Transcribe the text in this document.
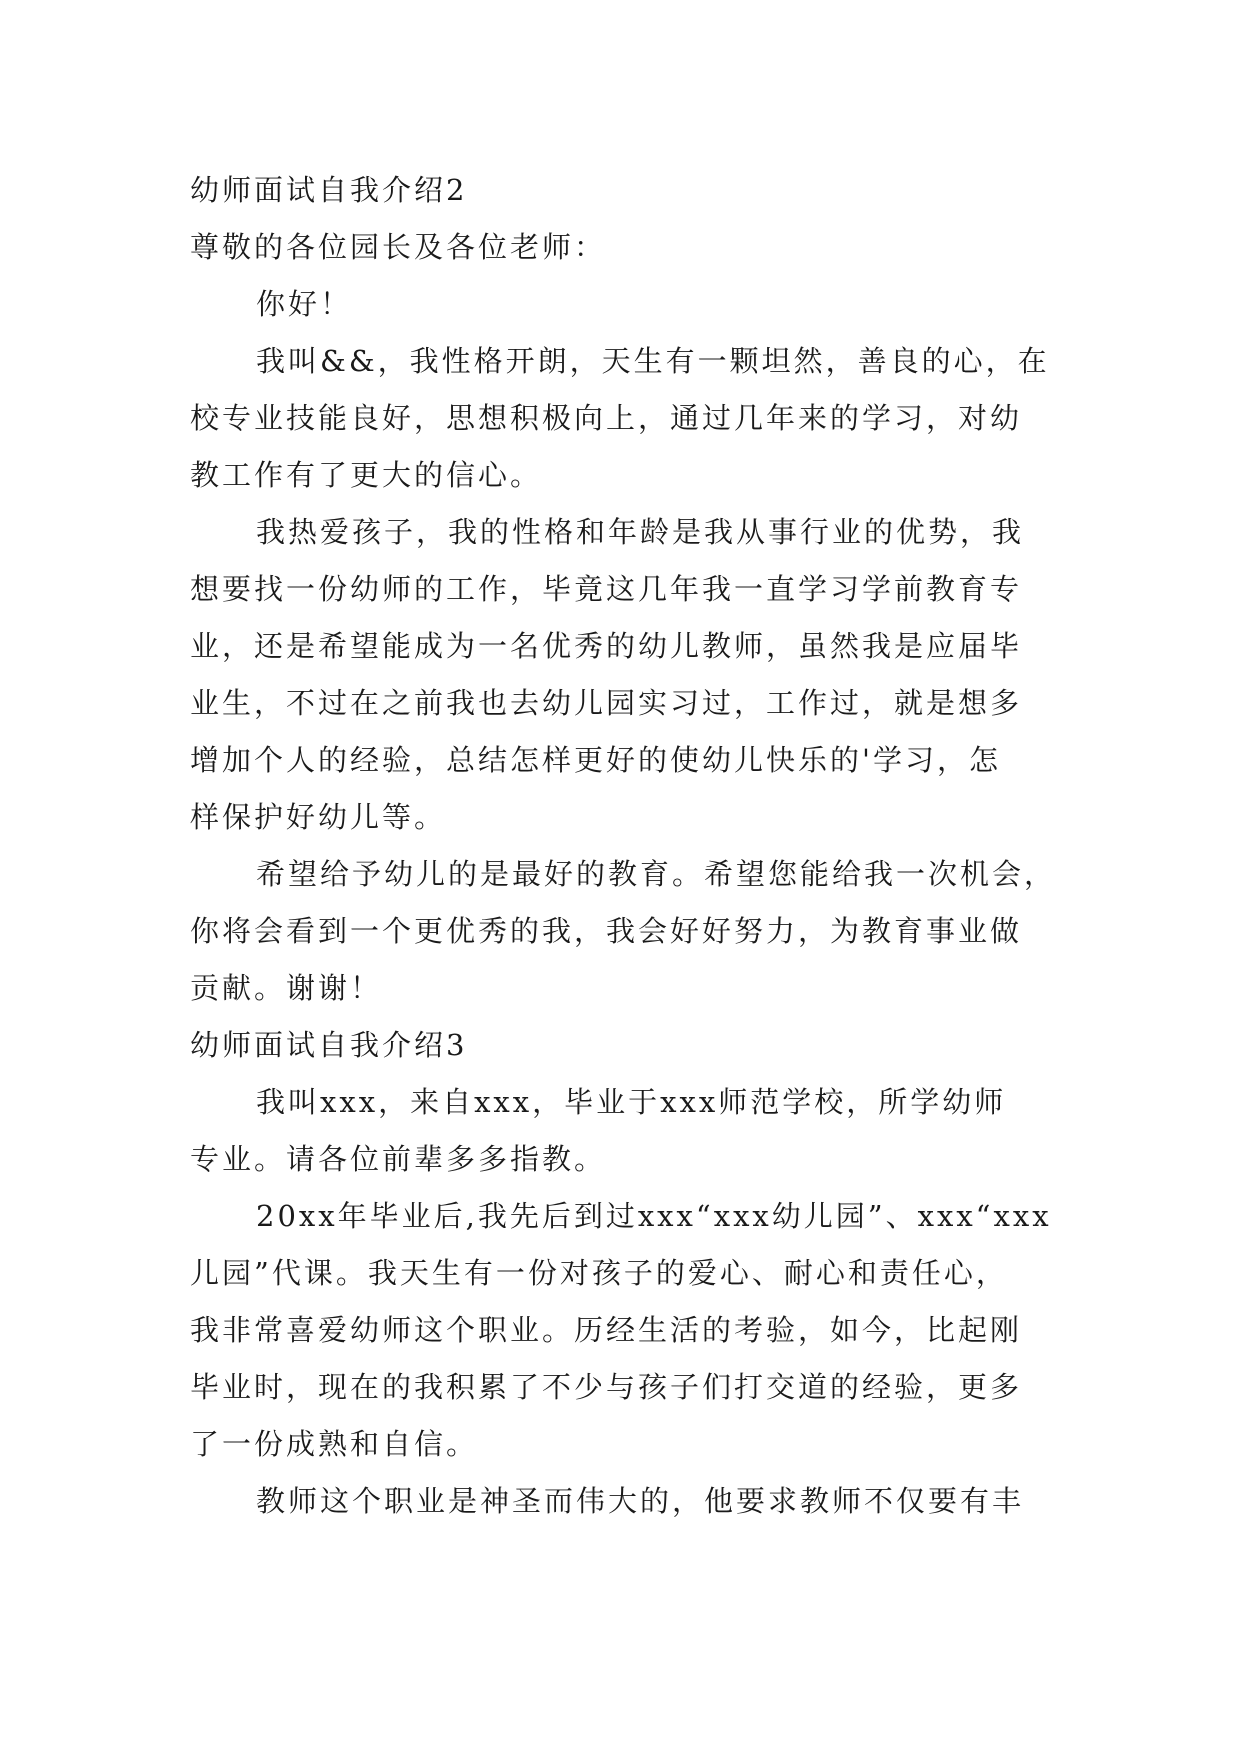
幼师面试自我介绍2

尊敬的各位园长及各位老师：

你好！

我叫&&，我性格开朗，天生有一颗坦然，善良的心，在

校专业技能良好，思想积极向上，通过几年来的学习，对幼

教工作有了更大的信心。

我热爱孩子，我的性格和年龄是我从事行业的优势，我

想要找一份幼师的工作，毕竟这几年我一直学习学前教育专

业，还是希望能成为一名优秀的幼儿教师，虽然我是应届毕

业生，不过在之前我也去幼儿园实习过，工作过，就是想多

增加个人的经验，总结怎样更好的使幼儿快乐的'学习，怎

样保护好幼儿等。

希望给予幼儿的是最好的教育。希望您能给我一次机会，

你将会看到一个更优秀的我，我会好好努力，为教育事业做

贡献。谢谢！

幼师面试自我介绍3

我叫xxx，来自xxx，毕业于xxx师范学校，所学幼师

专业。请各位前辈多多指教。

20xx年毕业后,我先后到过xxx“xxx幼儿园”、xxx“xxx

儿园”代课。我天生有一份对孩子的爱心、耐心和责任心，

我非常喜爱幼师这个职业。历经生活的考验，如今，比起刚

毕业时，现在的我积累了不少与孩子们打交道的经验，更多

了一份成熟和自信。

教师这个职业是神圣而伟大的，他要求教师不仅要有丰
